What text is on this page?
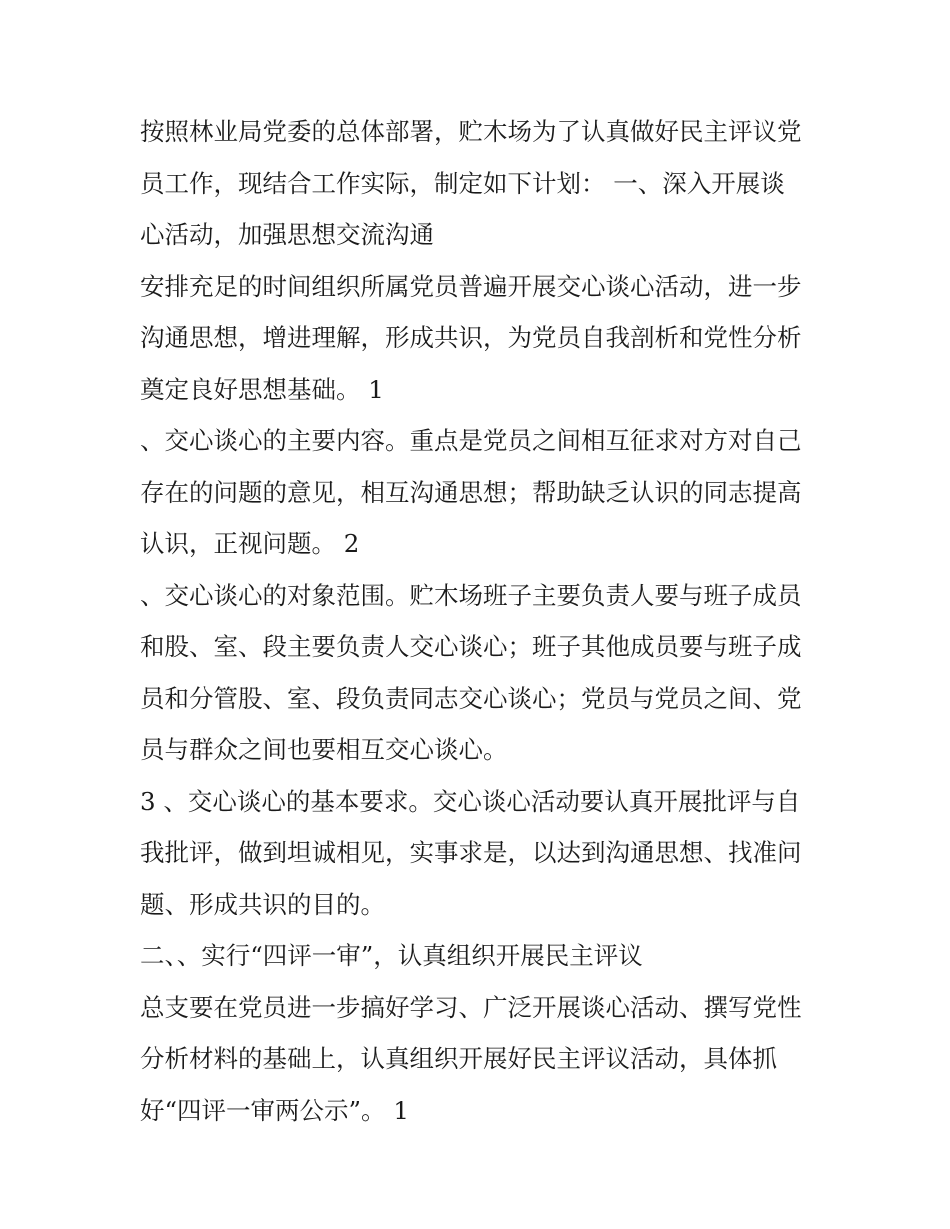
按照林业局党委的总体部署，贮木场为了认真做好民主评议党
员工作，现结合工作实际，制定如下计划： 一、深入开展谈
心活动，加强思想交流沟通
安排充足的时间组织所属党员普遍开展交心谈心活动，进一步
沟通思想，增进理解，形成共识，为党员自我剖析和党性分析
奠定良好思想基础。 1
、交心谈心的主要内容。重点是党员之间相互征求对方对自己
存在的问题的意见，相互沟通思想；帮助缺乏认识的同志提高
认识，正视问题。 2
、交心谈心的对象范围。贮木场班子主要负责人要与班子成员
和股、室、段主要负责人交心谈心；班子其他成员要与班子成
员和分管股、室、段负责同志交心谈心；党员与党员之间、党
员与群众之间也要相互交心谈心。
3 、交心谈心的基本要求。交心谈心活动要认真开展批评与自
我批评，做到坦诚相见，实事求是，以达到沟通思想、找准问
题、形成共识的目的。
二、、实行“四评一审”，认真组织开展民主评议
总支要在党员进一步搞好学习、广泛开展谈心活动、撰写党性
分析材料的基础上，认真组织开展好民主评议活动，具体抓
好“四评一审两公示”。 1
